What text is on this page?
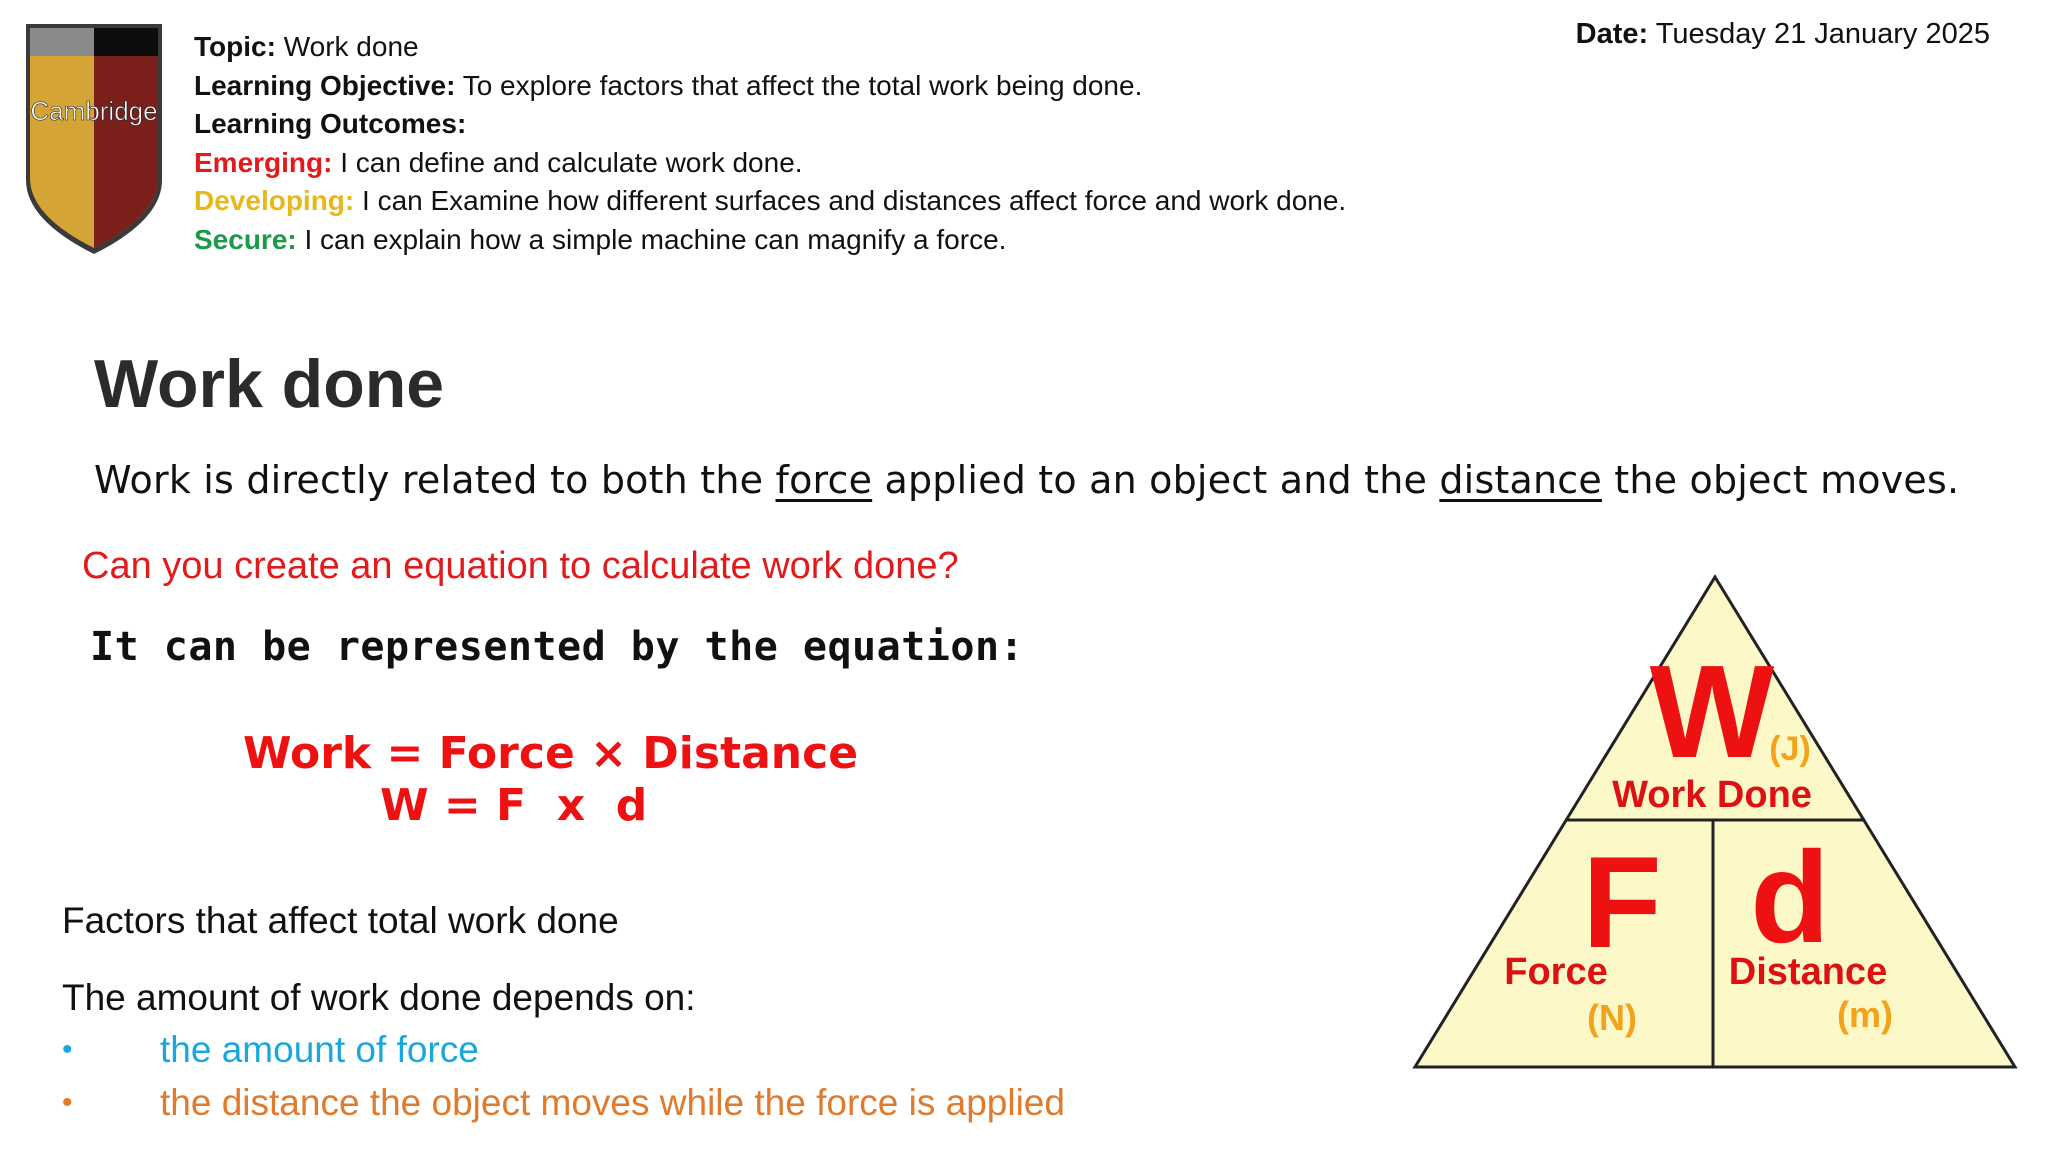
Cambridge
Topic: Work done
Learning Objective: To explore factors that affect the total work being done.
Learning Outcomes:
Emerging: I can define and calculate work done.
Developing: I can Examine how different surfaces and distances affect force and work done.
Secure: I can explain how a simple machine can magnify a force.
Date: Tuesday 21 January 2025
Work done
Work is directly related to both the force applied to an object and the distance the object moves.
Can you create an equation to calculate work done?
It can be represented by the equation:
Work = Force × Distance
W = F  x  d
Factors that affect total work done
The amount of work done depends on:
• the amount of force
• the distance the object moves while the force is applied
W
(J)
Work Done
F
Force
(N)
d
Distance
(m)
